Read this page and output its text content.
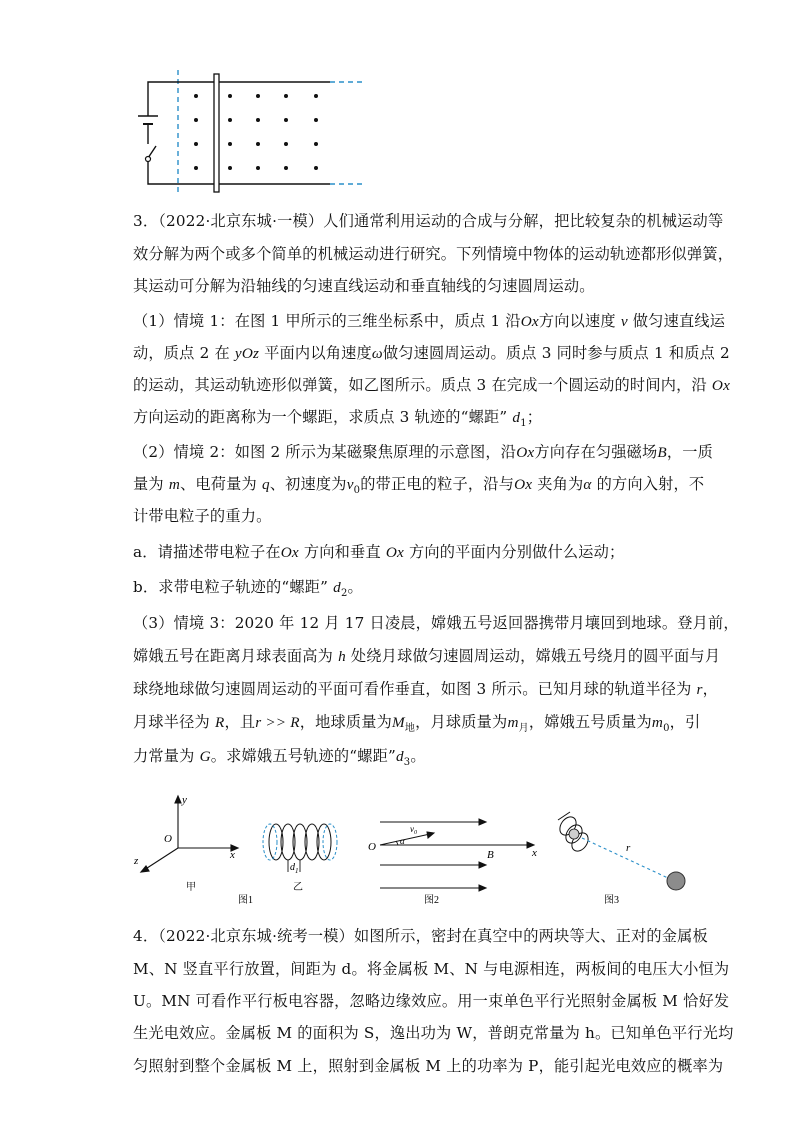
3．（2022·北京东城·一模）人们通常利用运动的合成与分解，把比较复杂的机械运动等
效分解为两个或多个简单的机械运动进行研究。下列情境中物体的运动轨迹都形似弹簧，
其运动可分解为沿轴线的匀速直线运动和垂直轴线的匀速圆周运动。
（1）情境 1：在图 1 甲所示的三维坐标系中，质点 1 沿Ox方向以速度 v 做匀速直线运
动，质点 2 在 yOz 平面内以角速度ω做匀速圆周运动。质点 3 同时参与质点 1 和质点 2
的运动，其运动轨迹形似弹簧，如乙图所示。质点 3 在完成一个圆运动的时间内，沿 Ox
方向运动的距离称为一个螺距，求质点 3 轨迹的“螺距” $d_1$；
（2）情境 2：如图 2 所示为某磁聚焦原理的示意图，沿Ox方向存在匀强磁场B，一质
量为 m、电荷量为 q、初速度为$v_0$的带正电的粒子，沿与Ox 夹角为α 的方向入射，不
计带电粒子的重力。
a．请描述带电粒子在Ox 方向和垂直 Ox 方向的平面内分别做什么运动；
b．求带电粒子轨迹的“螺距” $d_2$。
（3）情境 3：2020 年 12 月 17 日凌晨，嫦娥五号返回器携带月壤回到地球。登月前，
嫦娥五号在距离月球表面高为 h 处绕月球做匀速圆周运动，嫦娥五号绕月的圆平面与月
球绕地球做匀速圆周运动的平面可看作垂直，如图 3 所示。已知月球的轨道半径为 r，
月球半径为 R，且r >> R，地球质量为$M_地$，月球质量为$m_月$，嫦娥五号质量为$m_0$，引
力常量为 G。求嫦娥五号轨迹的“螺距$”d_3$。
y
O
x
z
甲
$d_1$
乙
图1
O	α
$v_0$
B	x
图2
r
图3
4．（2022·北京东城·统考一模）如图所示，密封在真空中的两块等大、正对的金属板
M、N 竖直平行放置，间距为 d。将金属板 M、N 与电源相连，两板间的电压大小恒为
U。MN 可看作平行板电容器，忽略边缘效应。用一束单色平行光照射金属板 M 恰好发
生光电效应。金属板 M 的面积为 S，逸出功为 W，普朗克常量为 h。已知单色平行光均
匀照射到整个金属板 M 上，照射到金属板 M 上的功率为 P，能引起光电效应的概率为
